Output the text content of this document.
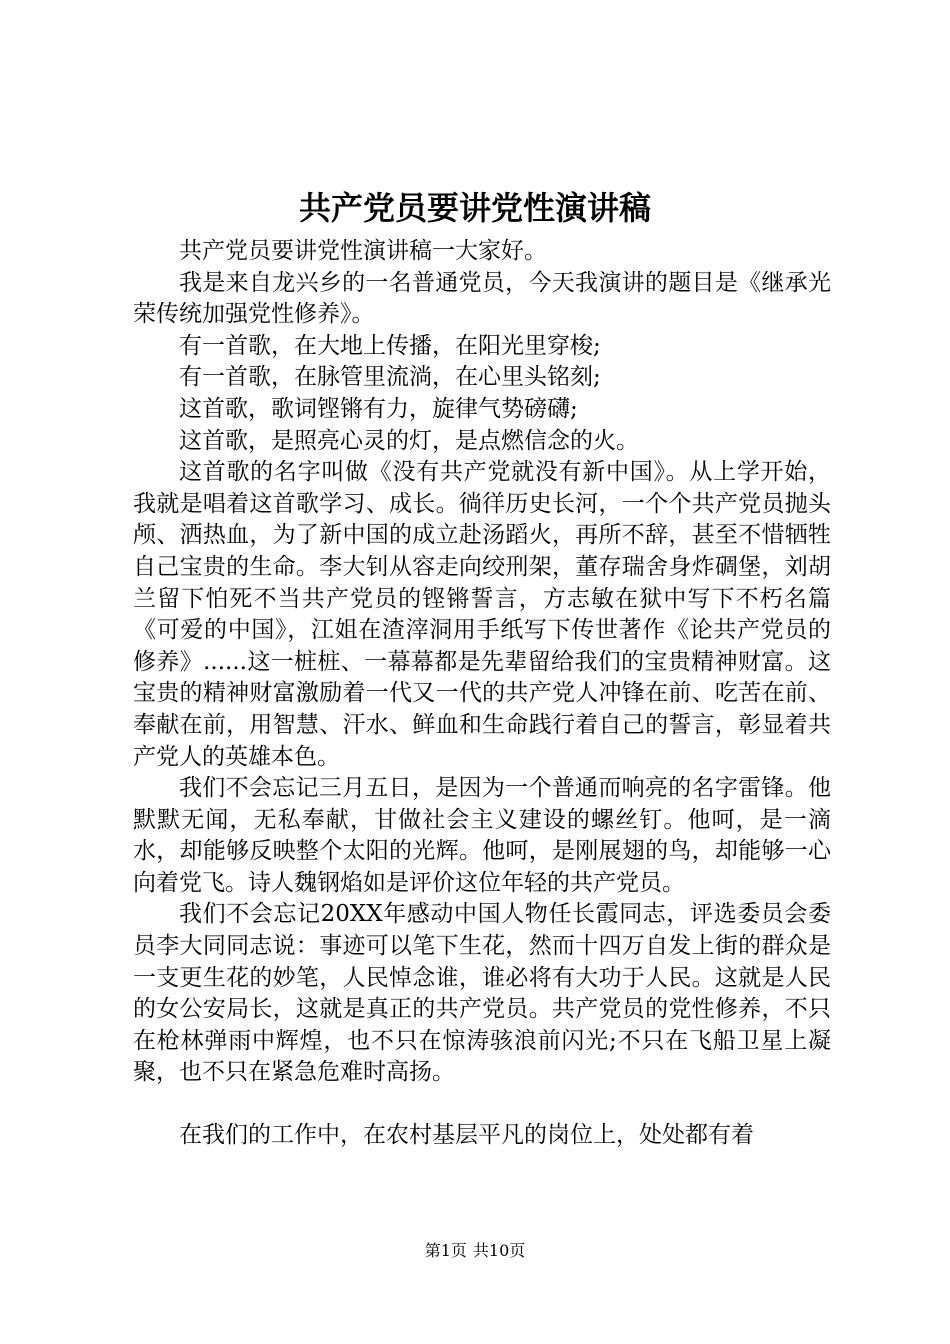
共产党员要讲党性演讲稿

共产党员要讲党性演讲稿一大家好。

我是来自龙兴乡的一名普通党员，今天我演讲的题目是《继承光荣传统加强党性修养》。

有一首歌，在大地上传播，在阳光里穿梭;

有一首歌，在脉管里流淌，在心里头铭刻;

这首歌，歌词铿锵有力，旋律气势磅礴;

这首歌，是照亮心灵的灯，是点燃信念的火。

这首歌的名字叫做《没有共产党就没有新中国》。从上学开始，我就是唱着这首歌学习、成长。徜徉历史长河，一个个共产党员抛头颅、洒热血，为了新中国的成立赴汤蹈火，再所不辞，甚至不惜牺牲自己宝贵的生命。李大钊从容走向绞刑架，董存瑞舍身炸碉堡，刘胡兰留下怕死不当共产党员的铿锵誓言，方志敏在狱中写下不朽名篇《可爱的中国》，江姐在渣滓洞用手纸写下传世著作《论共产党员的修养》......这一桩桩、一幕幕都是先辈留给我们的宝贵精神财富。这宝贵的精神财富激励着一代又一代的共产党人冲锋在前、吃苦在前、奉献在前，用智慧、汗水、鲜血和生命践行着自己的誓言，彰显着共产党人的英雄本色。

我们不会忘记三月五日，是因为一个普通而响亮的名字雷锋。他默默无闻，无私奉献，甘做社会主义建设的螺丝钉。他呵，是一滴水，却能够反映整个太阳的光辉。他呵，是刚展翅的鸟，却能够一心向着党飞。诗人魏钢焰如是评价这位年轻的共产党员。

我们不会忘记20XX年感动中国人物任长霞同志，评选委员会委员李大同同志说：事迹可以笔下生花，然而十四万自发上街的群众是一支更生花的妙笔，人民悼念谁，谁必将有大功于人民。这就是人民的女公安局长，这就是真正的共产党员。共产党员的党性修养，不只在枪林弹雨中辉煌，也不只在惊涛骇浪前闪光;不只在飞船卫星上凝聚，也不只在紧急危难时高扬。

在我们的工作中，在农村基层平凡的岗位上，处处都有着

第1页 共10页
